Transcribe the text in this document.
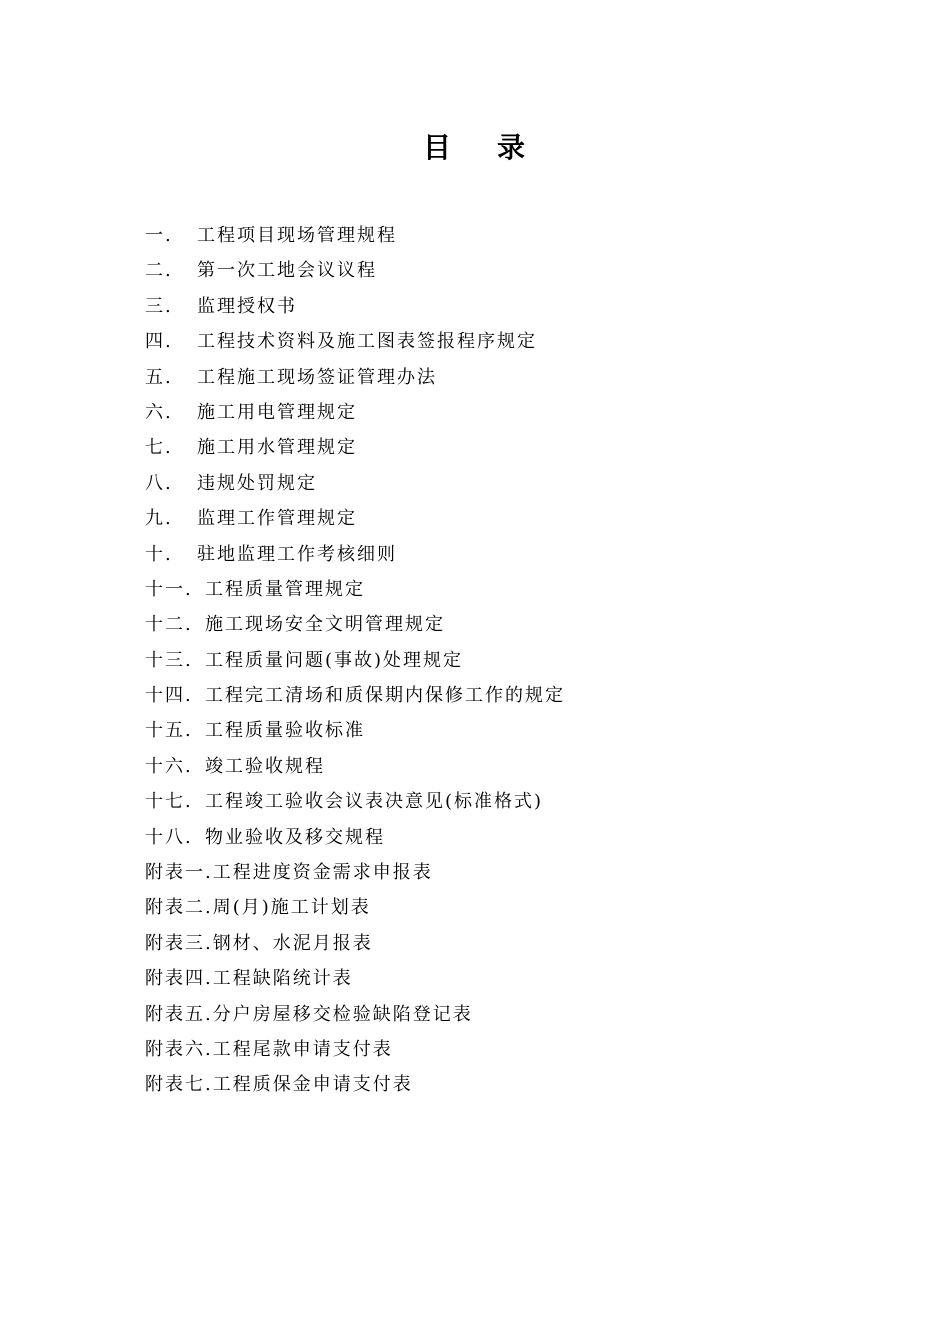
目 录
一. 工程项目现场管理规程
二. 第一次工地会议议程
三. 监理授权书
四. 工程技术资料及施工图表签报程序规定
五. 工程施工现场签证管理办法
六. 施工用电管理规定
七. 施工用水管理规定
八. 违规处罚规定
九. 监理工作管理规定
十. 驻地监理工作考核细则
十一. 工程质量管理规定
十二. 施工现场安全文明管理规定
十三. 工程质量问题(事故)处理规定
十四. 工程完工清场和质保期内保修工作的规定
十五. 工程质量验收标准
十六. 竣工验收规程
十七. 工程竣工验收会议表决意见(标准格式)
十八. 物业验收及移交规程
附表一.工程进度资金需求申报表
附表二.周(月)施工计划表
附表三.钢材、水泥月报表
附表四.工程缺陷统计表
附表五.分户房屋移交检验缺陷登记表
附表六.工程尾款申请支付表
附表七.工程质保金申请支付表
